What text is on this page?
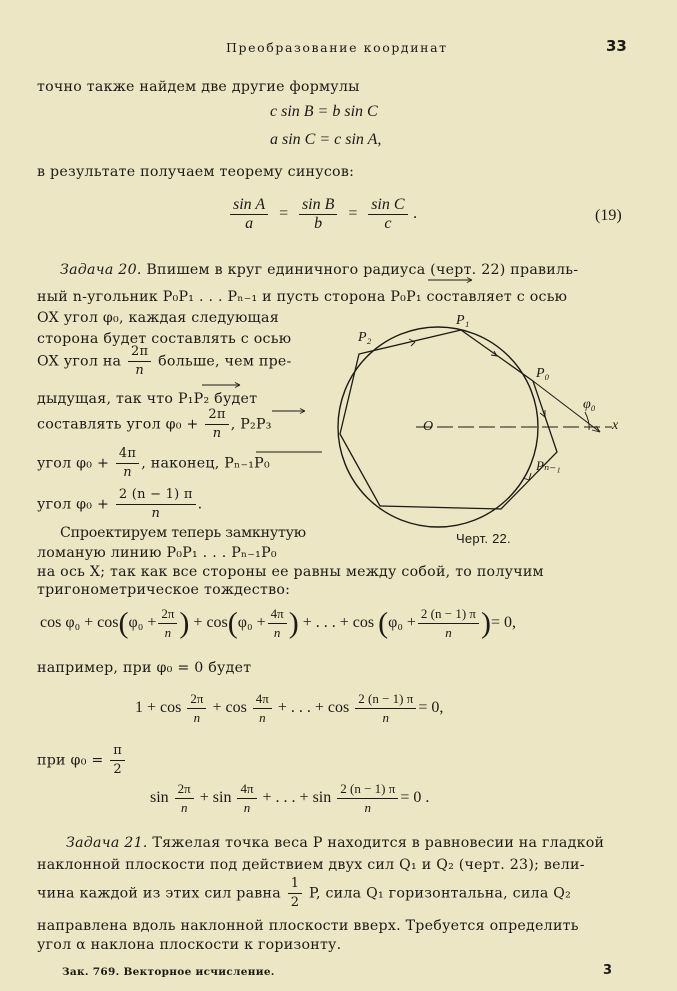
Преобразование координат	33
точно также найдем две другие формулы
c sin B = b sin C
a sin C = c sin A,
в результате получаем теорему синусов:
$\frac{\text{sin A}}{a} = \frac{\text{sin B}}{b} = \frac{\text{sin C}}{c}$ .	(19)
Задача 20. Впишем в круг единичного радиуса (черт. 22) правиль-
ный n-угольник P₀P₁ . . . Pₙ₋₁ и пусть сторона P₀P₁ составляет с осью
OX угол φ₀, каждая следующая
сторона будет составлять с осью
OX угол на $\frac{2\pi}{n}$ больше, чем пре-
дыдущая, так что P₁P₂ будет
составлять угол $\varphi_0 + \frac{2\pi}{n}$ , P₂P₃
угол $\varphi_0 + \frac{4\pi}{n}$ , наконец, Pₙ₋₁P₀
угол $\varphi_0 + \frac{2 (n - 1) \pi}{n}$ .
Спроектируем теперь замкнутую
ломаную линию P₀P₁ . . . Pₙ₋₁P₀
на ось X; так как все стороны ее равны между собой, то получим
тригонометрическое тождество:
P₁
P₂
P₀
Pₙ₋₁
φ₀
O	x
Черт. 22.
$\cos \varphi_0 + \cos(\varphi_0 + \frac{2\pi}{n}$ ) + $\cos(\varphi_0 + \frac{4\pi}{n}$ ) + . . . + $\cos (\varphi_0 + \frac{2 (n - 1) \pi}{n}$ )= 0,
например, при φ₀ = 0 будет
$1 + \cos \frac{2\pi}{n} + \cos \frac{4\pi}{n}$ + . . . + $\cos \frac{2 (n - 1) \pi}{n} = 0$,
при $\varphi_0 = \frac{\pi}{2}$
$\sin \frac{2\pi}{n} + \sin \frac{4\pi}{n}$ + . . . + $\sin \frac{2 (n - 1) \pi}{n} = 0$ .
Задача 21. Тяжелая точка веса P находится в равновесии на гладкой
наклонной плоскости под действием двух сил Q₁ и Q₂ (черт. 23); вели-
чина каждой из этих сил равна $\frac{1}{2} P$, сила Q₁ горизонтальна, сила Q₂
направлена вдоль наклонной плоскости вверх. Требуется определить
угол α наклона плоскости к горизонту.
Зак. 769. Векторное исчисление.	3
